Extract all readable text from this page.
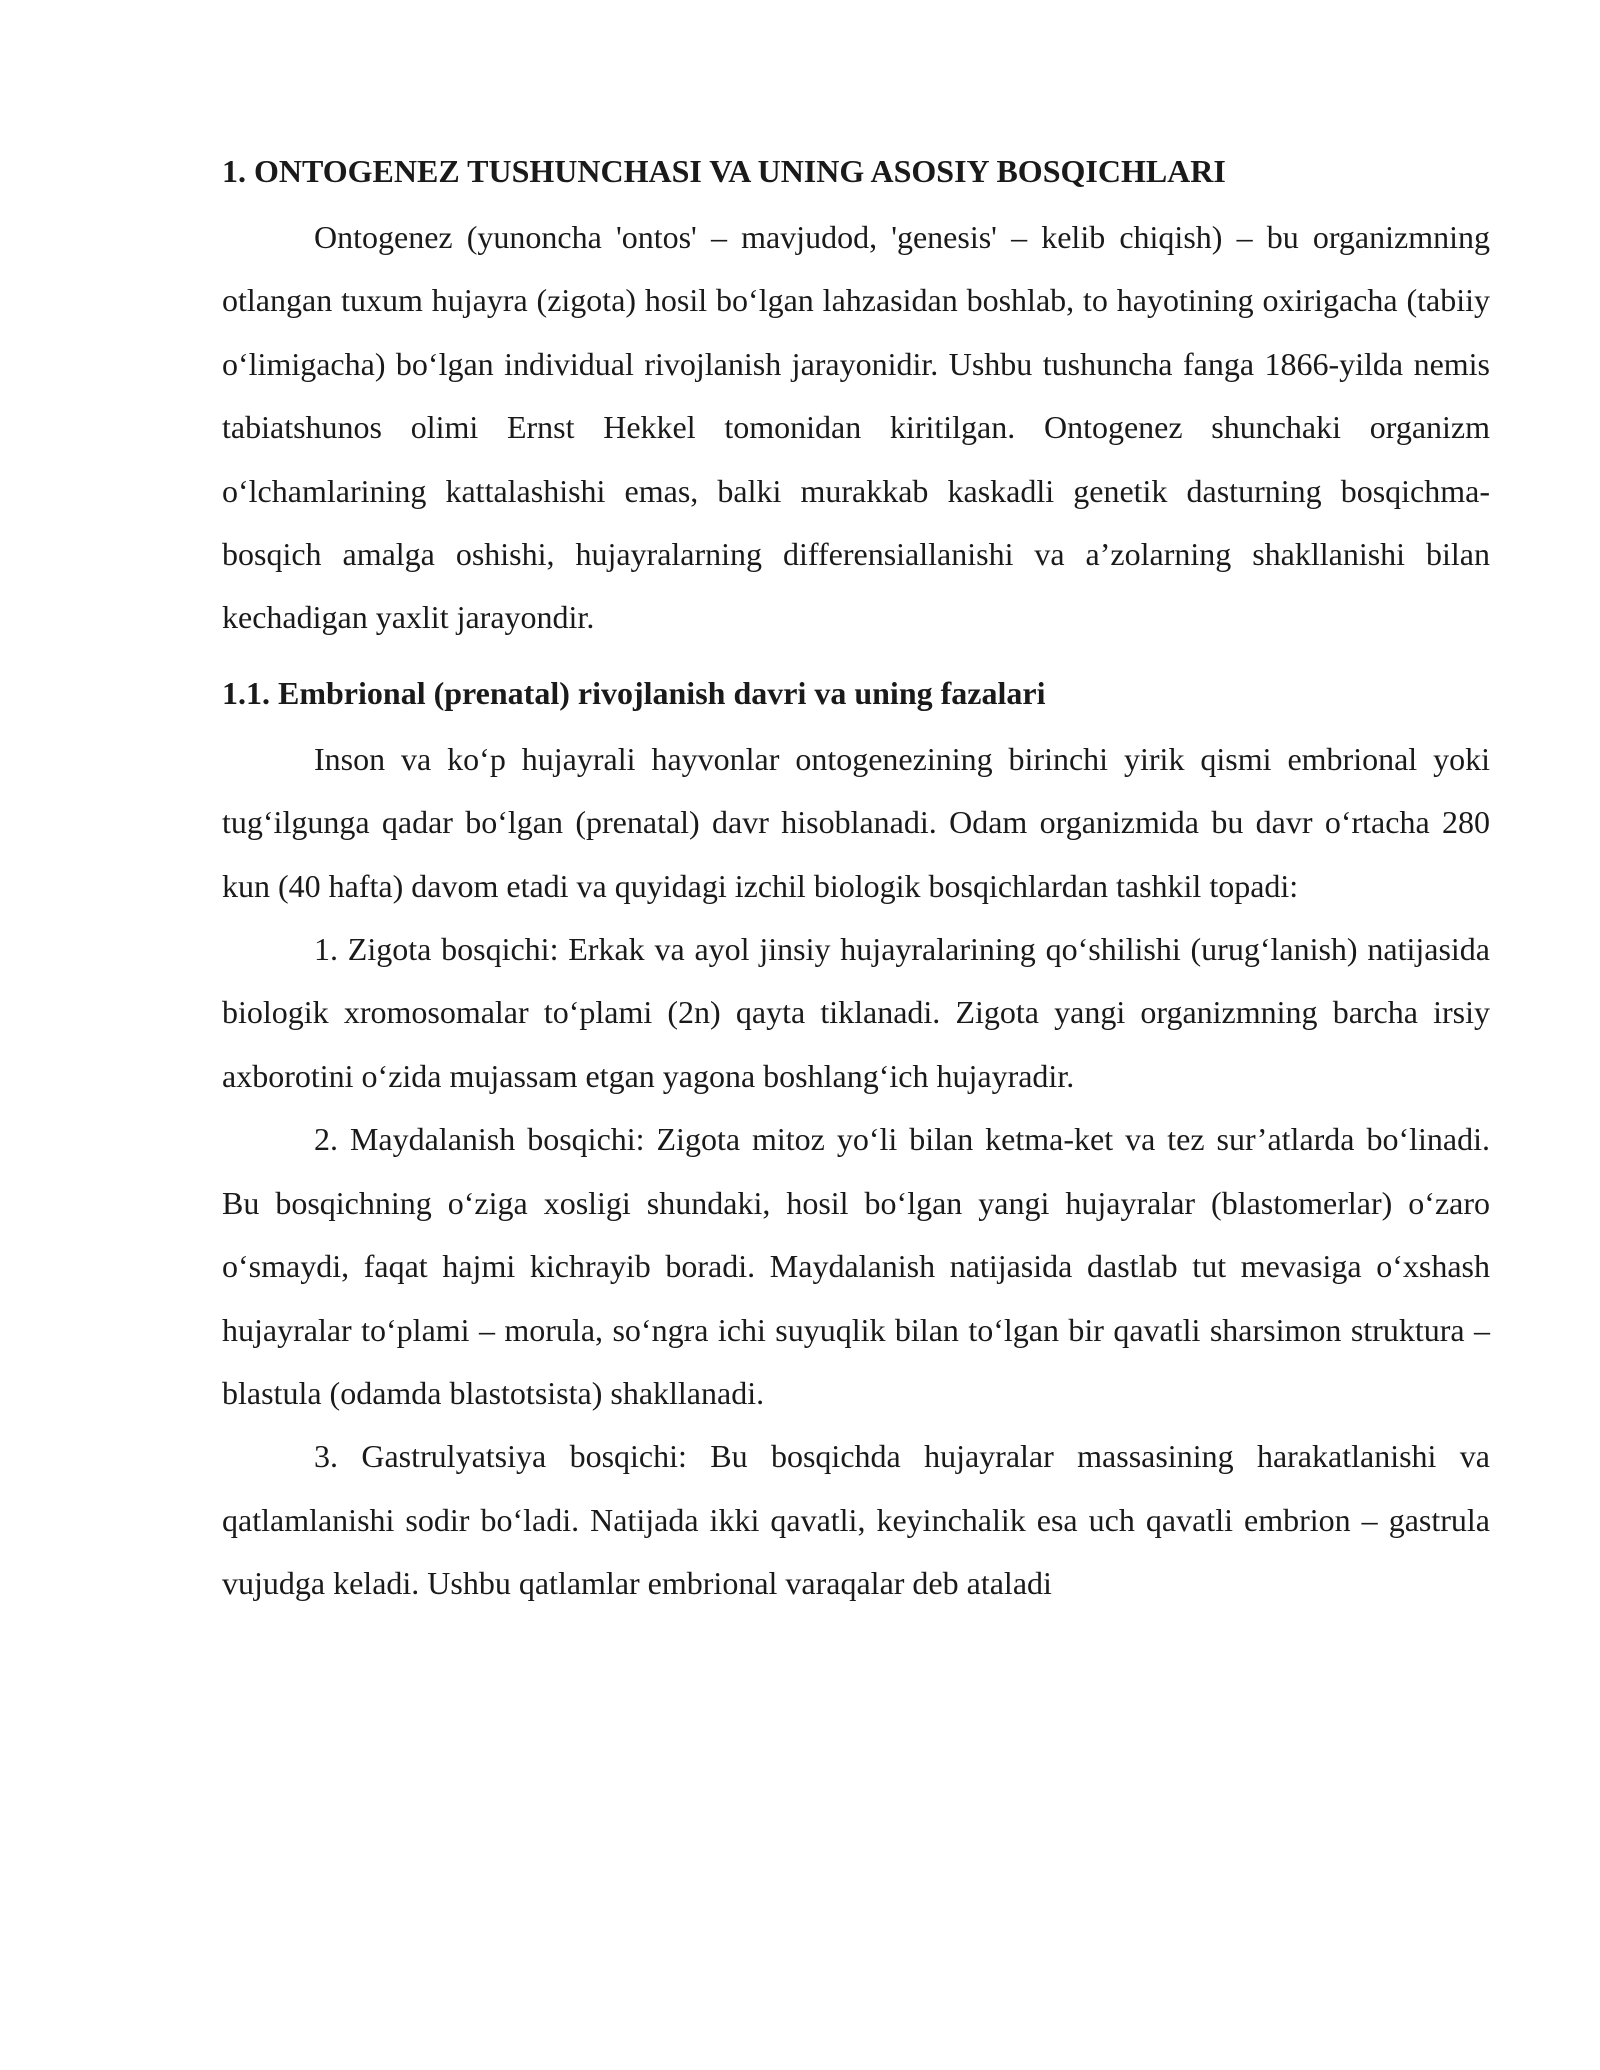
1. ONTOGENEZ TUSHUNCHASI VA UNING ASOSIY BOSQICHLARI

Ontogenez (yunoncha 'ontos' – mavjudod, 'genesis' – kelib chiqish) – bu organizmning otlangan tuxum hujayra (zigota) hosil bo‘lgan lahzasidan boshlab, to hayotining oxirigacha (tabiiy o‘limigacha) bo‘lgan individual rivojlanish jarayonidir. Ushbu tushuncha fanga 1866-yilda nemis tabiatshunos olimi Ernst Hekkel tomonidan kiritilgan. Ontogenez shunchaki organizm o‘lchamlarining kattalashishi emas, balki murakkab kaskadli genetik dasturning bosqichma-bosqich amalga oshishi, hujayralarning differensiallanishi va a’zolarning shakllanishi bilan kechadigan yaxlit jarayondir.

1.1. Embrional (prenatal) rivojlanish davri va uning fazalari

Inson va ko‘p hujayrali hayvonlar ontogenezining birinchi yirik qismi embrional yoki tug‘ilgunga qadar bo‘lgan (prenatal) davr hisoblanadi. Odam organizmida bu davr o‘rtacha 280 kun (40 hafta) davom etadi va quyidagi izchil biologik bosqichlardan tashkil topadi:

1. Zigota bosqichi: Erkak va ayol jinsiy hujayralarining qo‘shilishi (urug‘lanish) natijasida biologik xromosomalar to‘plami (2n) qayta tiklanadi. Zigota yangi organizmning barcha irsiy axborotini o‘zida mujassam etgan yagona boshlang‘ich hujayradir.

2. Maydalanish bosqichi: Zigota mitoz yo‘li bilan ketma-ket va tez sur’atlarda bo‘linadi. Bu bosqichning o‘ziga xosligi shundaki, hosil bo‘lgan yangi hujayralar (blastomerlar) o‘zaro o‘smaydi, faqat hajmi kichrayib boradi. Maydalanish natijasida dastlab tut mevasiga o‘xshash hujayralar to‘plami – morula, so‘ngra ichi suyuqlik bilan to‘lgan bir qavatli sharsimon struktura – blastula (odamda blastotsista) shakllanadi.

3. Gastrulyatsiya bosqichi: Bu bosqichda hujayralar massasining harakatlanishi va qatlamlanishi sodir bo‘ladi. Natijada ikki qavatli, keyinchalik esa uch qavatli embrion – gastrula vujudga keladi. Ushbu qatlamlar embrional varaqalar deb ataladi
